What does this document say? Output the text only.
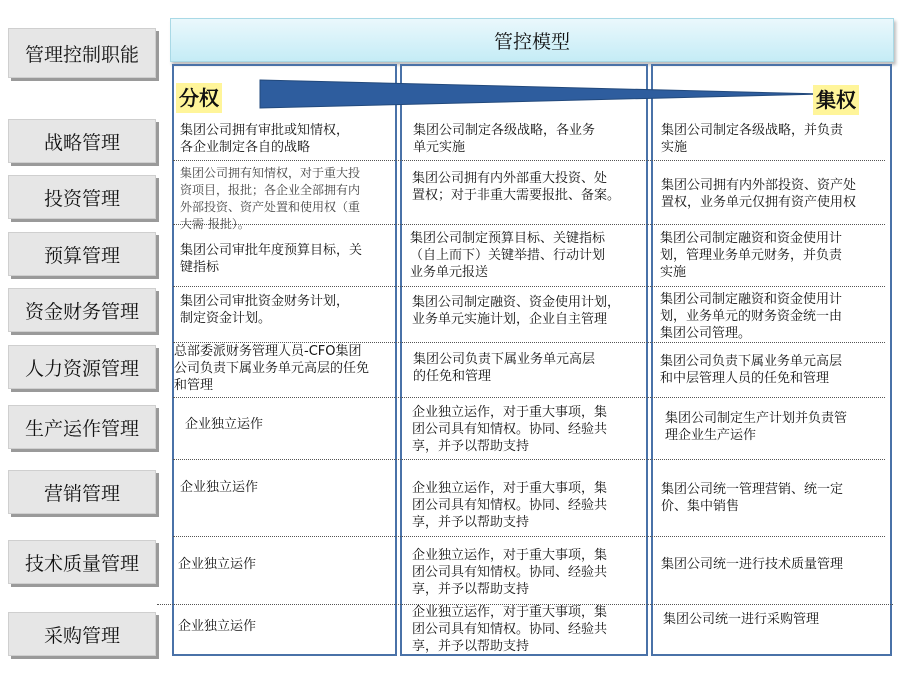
管理控制职能
战略管理
投资管理
预算管理
资金财务管理
人力资源管理
生产运作管理
营销管理
技术质量管理
采购管理
管控模型
分权	集权
集团公司拥有审批或知情权，
各企业制定各自的战略
集团公司制定各级战略，各业务
单元实施
集团公司制定各级战略，并负责
实施
集团公司拥有知情权，对于重大投
资项目，报批；各企业全部拥有内
外部投资、资产处置和使用权（重
大需 报批）。
集团公司拥有内外部重大投资、处
置权；对于非重大需要报批、备案。
集团公司拥有内外部投资、资产处
置权，业务单元仅拥有资产使用权
集团公司审批年度预算目标，关
键指标
集团公司制定预算目标、关键指标
（自上而下）关键举措、行动计划
业务单元报送
集团公司制定融资和资金使用计
划，管理业务单元财务，并负责
实施
集团公司审批资金财务计划，
制定资金计划。
集团公司制定融资、资金使用计划，
业务单元实施计划，企业自主管理
集团公司制定融资和资金使用计
划，业务单元的财务资金统一由
集团公司管理。
总部委派财务管理人员-CFO集团
公司负责下属业务单元高层的任免
和管理
集团公司负责下属业务单元高层
的任免和管理
集团公司负责下属业务单元高层
和中层管理人员的任免和管理
企业独立运作
企业独立运作，对于重大事项，集
团公司具有知情权。协同、经验共
享，并予以帮助支持
集团公司制定生产计划并负责管
理企业生产运作
企业独立运作	企业独立运作，对于重大事项，集
团公司具有知情权。协同、经验共
享，并予以帮助支持
集团公司统一管理营销、统一定
价、集中销售
企业独立运作
企业独立运作，对于重大事项，集
团公司具有知情权。协同、经验共
享，并予以帮助支持
集团公司统一进行技术质量管理
企业独立运作
企业独立运作，对于重大事项，集
团公司具有知情权。协同、经验共
享，并予以帮助支持
集团公司统一进行采购管理
